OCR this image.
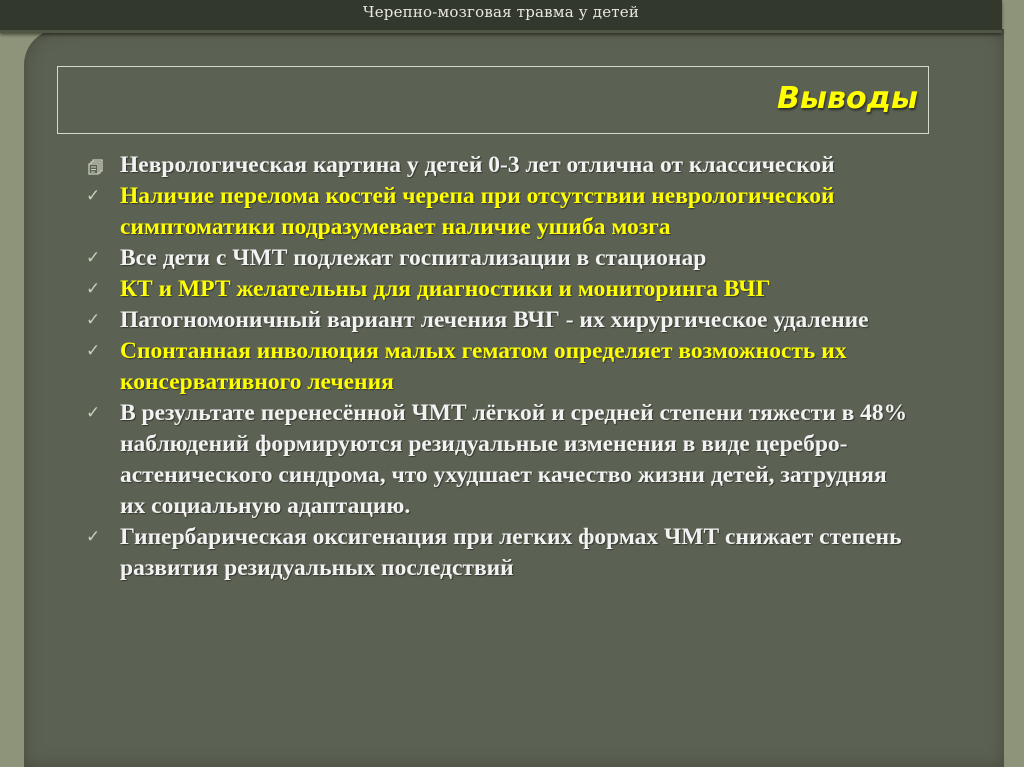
Черепно-мозговая травма у детей
Выводы
Неврологическая картина у детей 0-3 лет отлична от классической
✓ Наличие перелома костей черепа при отсутствии неврологической симптоматики подразумевает наличие ушиба мозга
✓ Все дети с ЧМТ подлежат госпитализации в стационар
✓ КТ и МРТ желательны для диагностики и мониторинга ВЧГ
✓ Патогномоничный вариант лечения ВЧГ - их хирургическое удаление
✓ Спонтанная инволюция малых гематом определяет возможность их консервативного лечения
✓ В результате перенесённой ЧМТ лёгкой и средней степени тяжести в 48% наблюдений формируются резидуальные изменения в виде церебро-астенического синдрома, что ухудшает качество жизни детей, затрудняя их социальную адаптацию.
✓ Гипербарическая оксигенация при легких формах ЧМТ снижает степень развития резидуальных последствий
